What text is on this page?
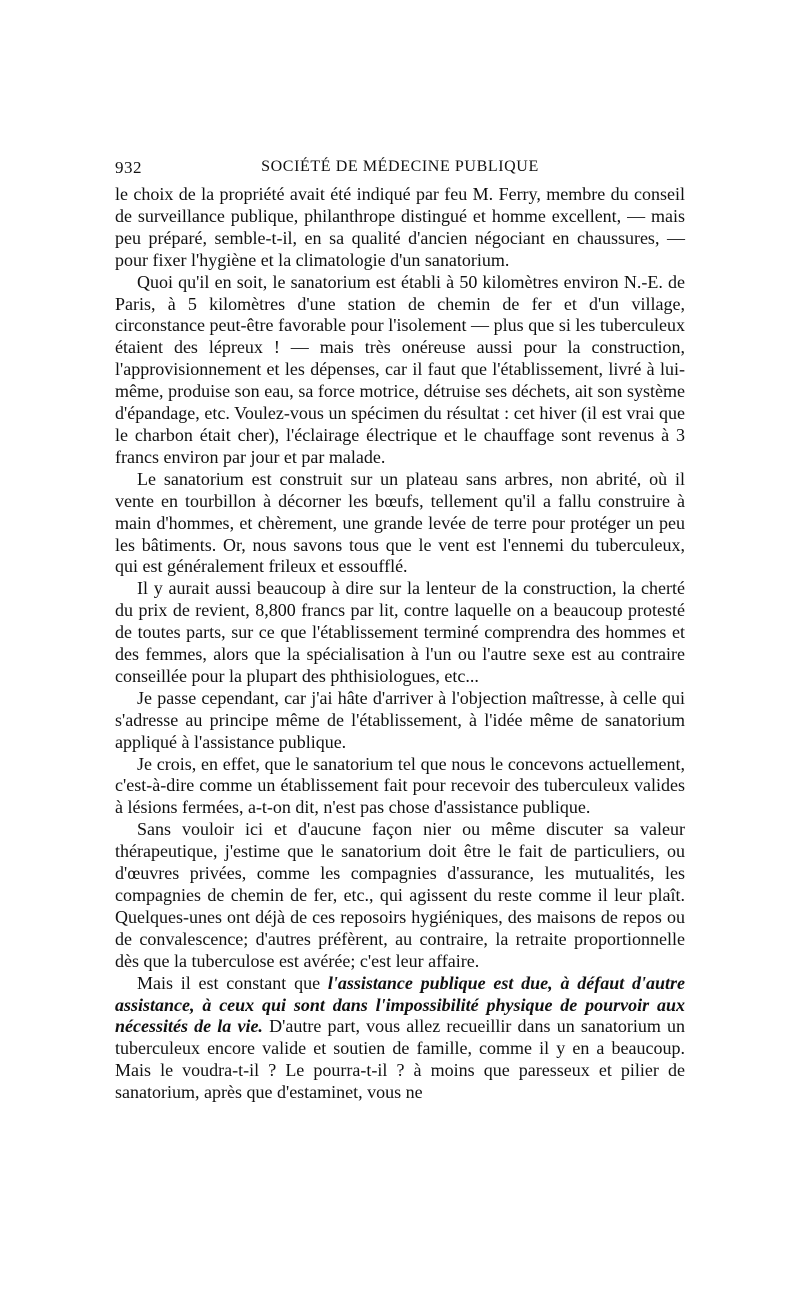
932	SOCIÉTÉ DE MÉDECINE PUBLIQUE

le choix de la propriété avait été indiqué par feu M. Ferry, membre du conseil de surveillance publique, philanthrope distingué et homme excellent, — mais peu préparé, semble-t-il, en sa qualité d'ancien négociant en chaussures, — pour fixer l'hygiène et la climatologie d'un sanatorium.

Quoi qu'il en soit, le sanatorium est établi à 50 kilomètres environ N.-E. de Paris, à 5 kilomètres d'une station de chemin de fer et d'un village, circonstance peut-être favorable pour l'isolement — plus que si les tuberculeux étaient des lépreux ! — mais très onéreuse aussi pour la construction, l'approvisionnement et les dépenses, car il faut que l'établissement, livré à lui-même, produise son eau, sa force motrice, détruise ses déchets, ait son système d'épandage, etc. Voulez-vous un spécimen du résultat : cet hiver (il est vrai que le charbon était cher), l'éclairage électrique et le chauffage sont revenus à 3 francs environ par jour et par malade.

Le sanatorium est construit sur un plateau sans arbres, non abrité, où il vente en tourbillon à décorner les bœufs, tellement qu'il a fallu construire à main d'hommes, et chèrement, une grande levée de terre pour protéger un peu les bâtiments. Or, nous savons tous que le vent est l'ennemi du tuberculeux, qui est généralement frileux et essoufflé.

Il y aurait aussi beaucoup à dire sur la lenteur de la construction, la cherté du prix de revient, 8,800 francs par lit, contre laquelle on a beaucoup protesté de toutes parts, sur ce que l'établissement terminé comprendra des hommes et des femmes, alors que la spécialisation à l'un ou l'autre sexe est au contraire conseillée pour la plupart des phthisiologues, etc...

Je passe cependant, car j'ai hâte d'arriver à l'objection maîtresse, à celle qui s'adresse au principe même de l'établissement, à l'idée même de sanatorium appliqué à l'assistance publique.

Je crois, en effet, que le sanatorium tel que nous le concevons actuellement, c'est-à-dire comme un établissement fait pour recevoir des tuberculeux valides à lésions fermées, a-t-on dit, n'est pas chose d'assistance publique.

Sans vouloir ici et d'aucune façon nier ou même discuter sa valeur thérapeutique, j'estime que le sanatorium doit être le fait de particuliers, ou d'œuvres privées, comme les compagnies d'assurance, les mutualités, les compagnies de chemin de fer, etc., qui agissent du reste comme il leur plaît. Quelques-unes ont déjà de ces reposoirs hygiéniques, des maisons de repos ou de convalescence; d'autres préfèrent, au contraire, la retraite proportionnelle dès que la tuberculose est avérée; c'est leur affaire.

Mais il est constant que l'assistance publique est due, à défaut d'autre assistance, à ceux qui sont dans l'impossibilité physique de pourvoir aux nécessités de la vie. D'autre part, vous allez recueillir dans un sanatorium un tuberculeux encore valide et soutien de famille, comme il y en a beaucoup. Mais le voudra-t-il ? Le pourra-t-il ? à moins que paresseux et pilier de sanatorium, après que d'estaminet, vous ne
